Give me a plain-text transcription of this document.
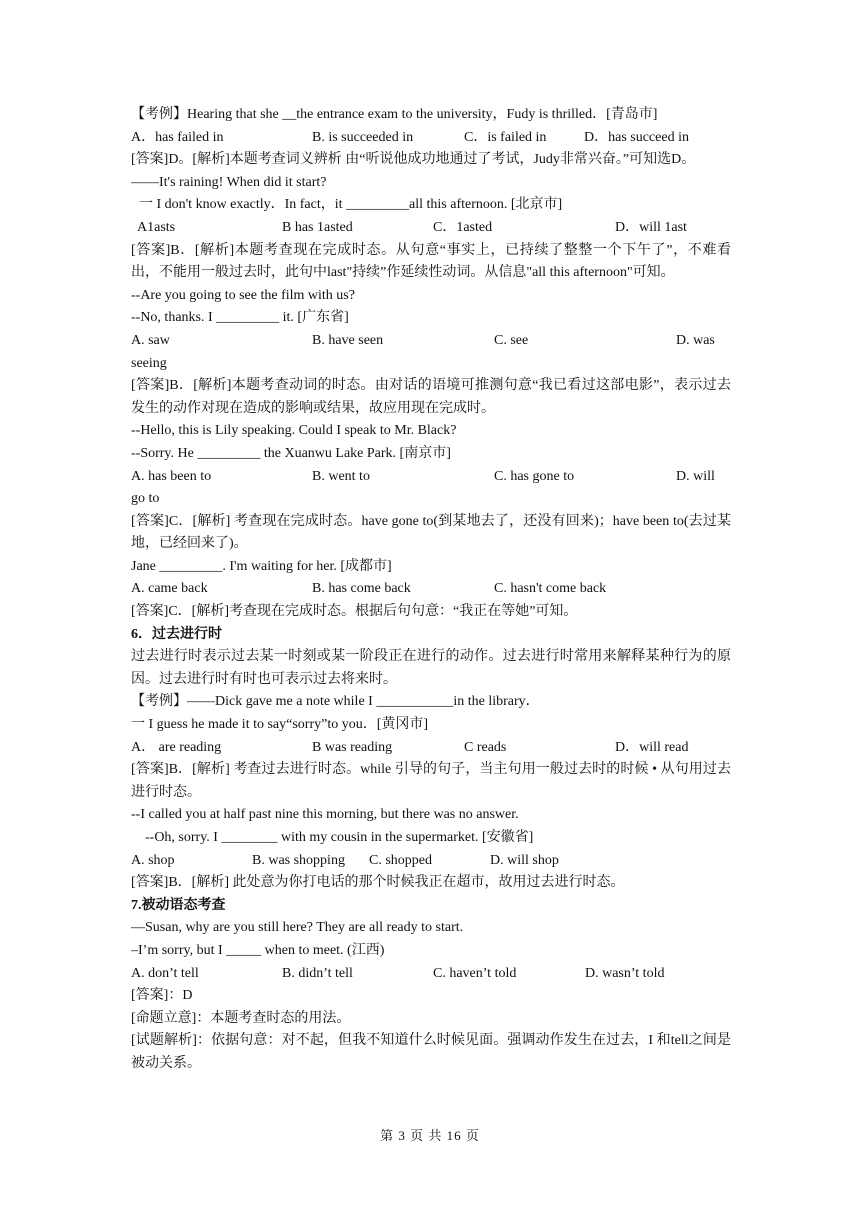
【考例】Hearing that she __the entrance exam to the university，Fudy is thrilled．[青岛市]
A．has failed in	B. is succeeded in	C．is failed in	D．has succeed in
[答案]D。[解析]本题考查词义辨析 由“听说他成功地通过了考试，Judy非常兴奋。”可知选D。
——It's raining! When did it start?
一 I don't know exactly．In fact，it _________all this afternoon. [北京市]
A1asts	B has 1asted	C．1asted	D．will 1ast
[答案]B．[解析]本题考查现在完成时态。从句意“事实上，已持续了整整一个下午了”，不难看出，不能用一般过去时，此句中last"持续”作延续性动词。从信息"all this afternoon"可知。
--Are you going to see the film with us?
--No, thanks. I _________ it. [广东省]
A. saw	B. have seen	C. see	D. was
seeing
[答案]B．[解析]本题考查动词的时态。由对话的语境可推测句意“我已看过这部电影”，表示过去发生的动作对现在造成的影响或结果，故应用现在完成时。
--Hello, this is Lily speaking. Could I speak to Mr. Black?
--Sorry. He _________ the Xuanwu Lake Park. [南京市]
A. has been to	B. went to	C. has gone to	D. will
go to
[答案]C．[解析] 考查现在完成时态。have gone to(到某地去了，还没有回来)；have been to(去过某地，已经回来了)。
Jane _________. I'm waiting for her. [成都市]
A. came back	B. has come back	C. hasn't come back
[答案]C．[解析]考查现在完成时态。根据后句句意：“我正在等她”可知。
6．过去进行时
过去进行时表示过去某一时刻或某一阶段正在进行的动作。过去进行时常用来解释某种行为的原因。过去进行时有时也可表示过去将来时。
【考例】——Dick gave me a note while I ___________in the library．
一 I guess he made it to say“sorry”to you．[黄冈市]
A． are reading	B was reading	C reads	D．will read
[答案]B．[解析] 考查过去进行时态。while 引导的句子，当主句用一般过去时的时候 • 从句用过去进行时态。
--I called you at half past nine this morning, but there was no answer.
--Oh, sorry. I ________ with my cousin in the supermarket. [安徽省]
A. shop	B. was shopping C. shopped	D. will shop
[答案]B．[解析] 此处意为你打电话的那个时候我正在超市，故用过去进行时态。
7.被动语态考查
—Susan, why are you still here? They are all ready to start.
–I’m sorry, but I _____ when to meet. (江西)
A. don’t tell	B. didn’t tell	C. haven’t told	D. wasn’t told
[答案]：D
[命题立意]：本题考查时态的用法。
[试题解析]：依据句意：对不起，但我不知道什么时候见面。强调动作发生在过去，I 和tell之间是被动关系。
第 3 页 共 16 页
